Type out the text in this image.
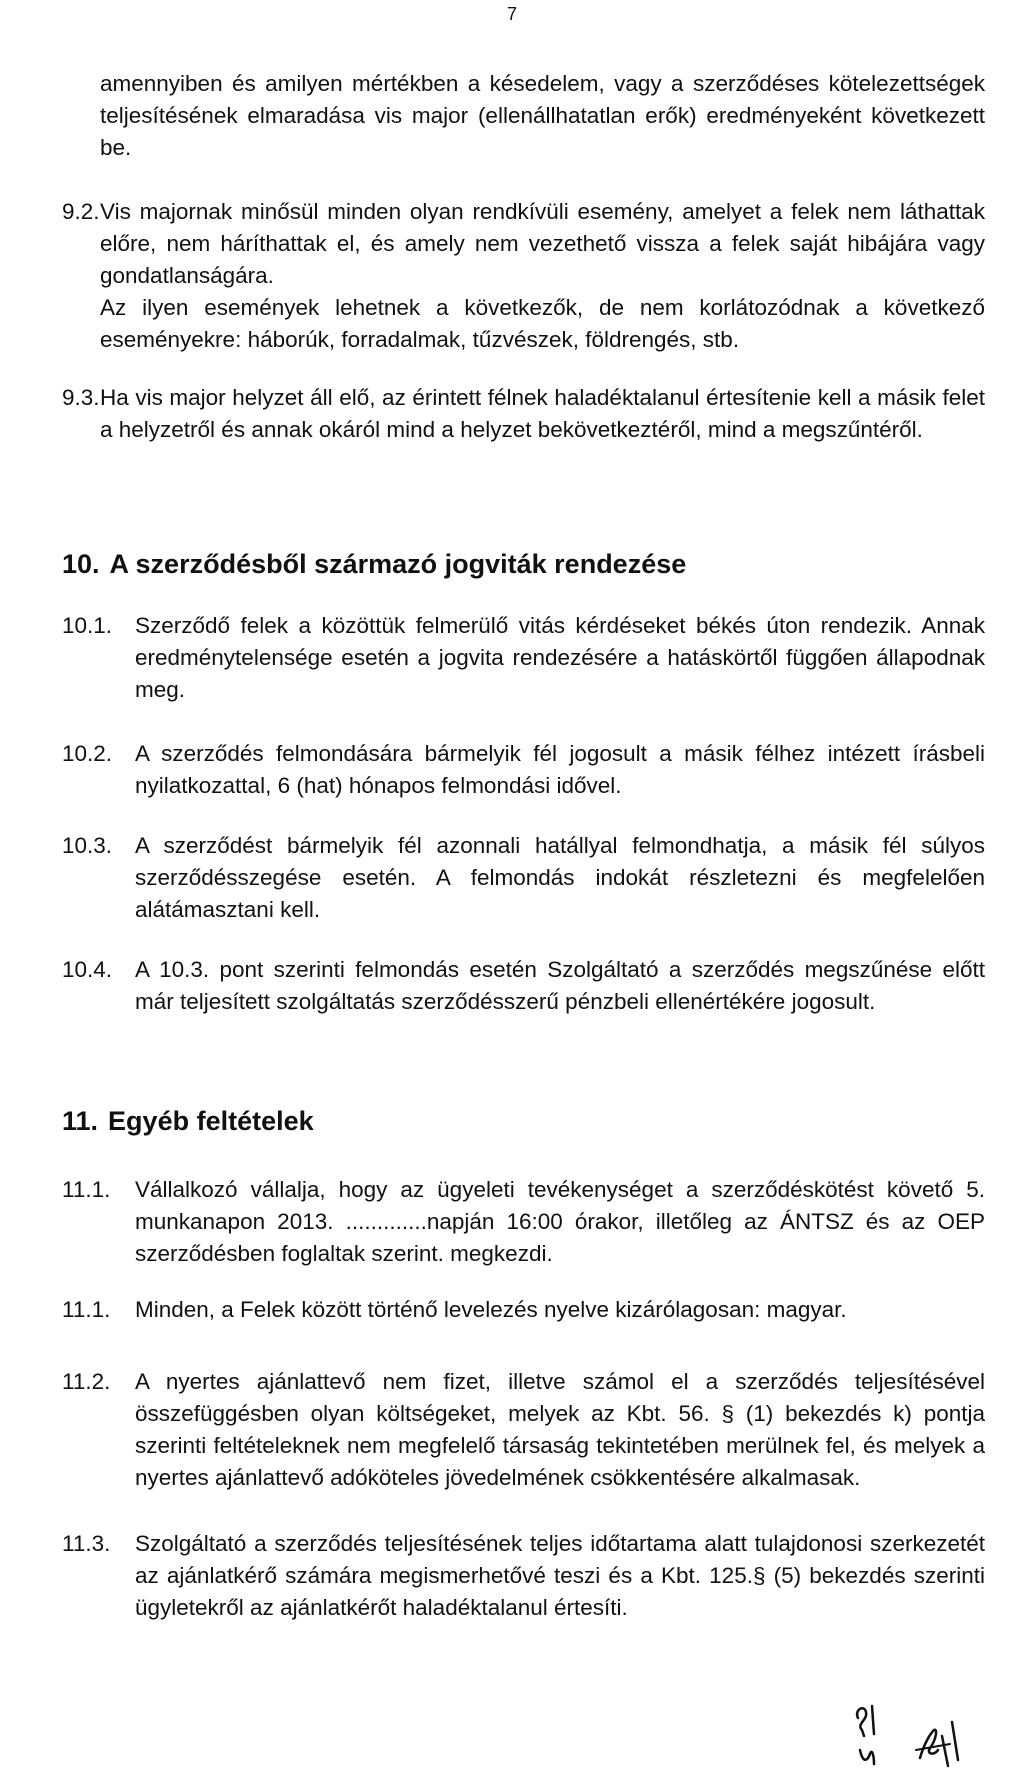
7
amennyiben és amilyen mértékben a késedelem, vagy a szerződéses kötelezettségek teljesítésének elmaradása vis major (ellenállhatatlan erők) eredményeként következett be.
9.2. Vis majornak minősül minden olyan rendkívüli esemény, amelyet a felek nem láthattak előre, nem háríthattak el, és amely nem vezethető vissza a felek saját hibájára vagy gondatlanságára.
Az ilyen események lehetnek a következők, de nem korlátozódnak a következő eseményekre: háborúk, forradalmak, tűzvészek, földrengés, stb.
9.3. Ha vis major helyzet áll elő, az érintett félnek haladéktalanul értesítenie kell a másik felet a helyzetről és annak okáról mind a helyzet bekövetkeztéről, mind a megszűntéről.
10. A szerződésből származó jogviták rendezése
10.1. Szerződő felek a közöttük felmerülő vitás kérdéseket békés úton rendezik. Annak eredménytelensége esetén a jogvita rendezésére a hatáskörtől függően állapodnak meg.
10.2. A szerződés felmondására bármelyik fél jogosult a másik félhez intézett írásbeli nyilatkozattal, 6 (hat) hónapos felmondási idővel.
10.3. A szerződést bármelyik fél azonnali hatállyal felmondhatja, a másik fél súlyos szerződésszegése esetén. A felmondás indokát részletezni és megfelelően alátámasztani kell.
10.4. A 10.3. pont szerinti felmondás esetén Szolgáltató a szerződés megszűnése előtt már teljesített szolgáltatás szerződésszerű pénzbeli ellenértékére jogosult.
11. Egyéb feltételek
11.1. Vállalkozó vállalja, hogy az ügyeleti tevékenységet a szerződéskötést követő 5. munkanapon 2013. .............napján 16:00 órakor, illetőleg az ÁNTSZ és az OEP szerződésben foglaltak szerint. megkezdi.
11.1. Minden, a Felek között történő levelezés nyelve kizárólagosan: magyar.
11.2. A nyertes ajánlattevő nem fizet, illetve számol el a szerződés teljesítésével összefüggésben olyan költségeket, melyek az Kbt. 56. § (1) bekezdés k) pontja szerinti feltételeknek nem megfelelő társaság tekintetében merülnek fel, és melyek a nyertes ajánlattevő adóköteles jövedelmének csökkentésére alkalmasak.
11.3. Szolgáltató a szerződés teljesítésének teljes időtartama alatt tulajdonosi szerkezetét az ajánlatkérő számára megismerhetővé teszi és a Kbt. 125.§ (5) bekezdés szerinti ügyletekről az ajánlatkérőt haladéktalanul értesíti.
